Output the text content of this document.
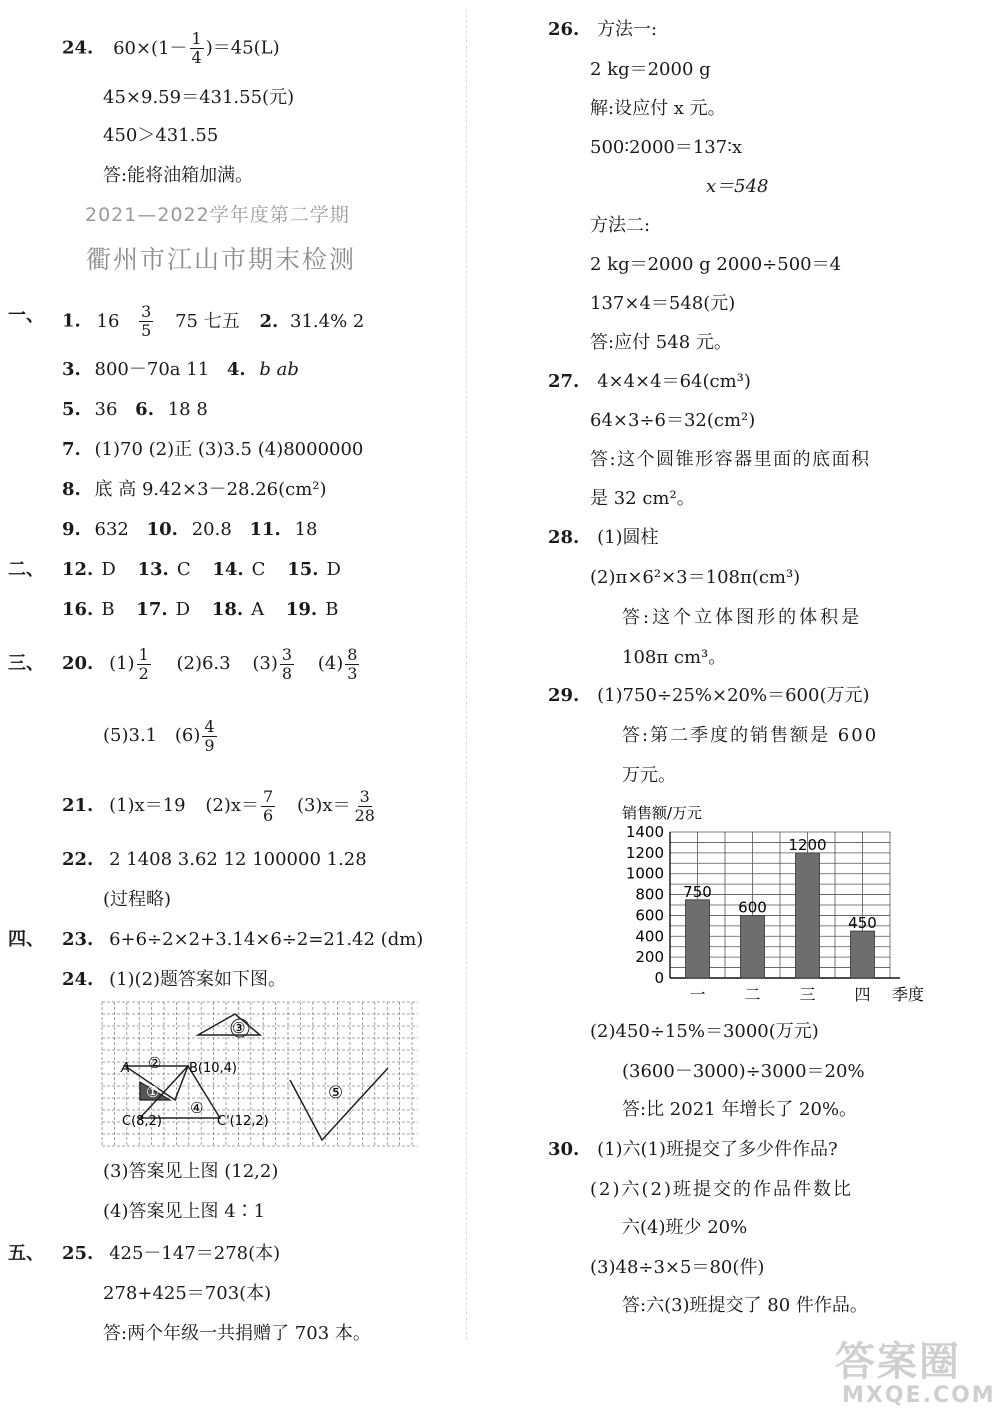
24. $60\times(1- \frac{1}{4} )=45(L)$
45×9.59＝431.55(元)
450＞431.55
答:能将油箱加满。
2021—2022学年度第二学期
衢州市江山市期末检测
一、 1. $16 \frac{3}{5} 75$ 七五 2. 31.4% 2
3. 800－70a 11 4. b ab
5. 36 6. 18 8
7. (1)70 (2)正 (3)3.5 (4)8000000
8. 底 高 9.42×3－28.26(cm²)
9. 632 10. 20.8 11. 18
二、 12. D 13. C 14. C 15. D
16. B 17. D 18. A 19. B
三、 20. $(1) \frac{1}{2} (2)6.3$ $(3) \frac{3}{8} (4) \frac{8}{3}$
(5)3.1 $(6) \frac{4}{9}$
21. (1)x＝19 $(2)x= \frac{7}{6} (3)x= \frac{3}{28}$
22. 2 1408 3.62 12 100000 1.28
(过程略)
四、 23. 6+6÷2×2+3.14×6÷2=21.42 (dm)
24. (1)(2)题答案如下图。
A	B(10,4)
C(8,2)	C'(12,2)
①
②
③
④
⑤
(3)答案见上图 (12,2)
(4)答案见上图 4∶1
五、 25. 425－147＝278(本)
278+425＝703(本)
答:两个年级一共捐赠了 703 本。
26. 方法一:
2 kg＝2000 g
解:设应付 x 元。
500∶2000＝137∶x
x＝548
方法二:
2 kg＝2000 g 2000÷500＝4
137×4＝548(元)
答:应付 548 元。
27. 4×4×4＝64(cm³)
64×3÷6＝32(cm²)
答:这个圆锥形容器里面的底面积
是 32 cm²。
28. (1)圆柱
(2)π×6²×3＝108π(cm³)
答:这个立体图形的体积是
108π cm³。
29. (1)750÷25%×20%＝600(万元)
答:第二季度的销售额是 600
万元。
销售额/万元
0
200
400
600
800
1000
1200
1400
750
一
600
二
1200
三
450
四 季度
(2)450÷15%＝3000(万元)
(3600－3000)÷3000＝20%
答:比 2021 年增长了 20%。
30. (1)六(1)班提交了多少件作品?
(2)六(2)班提交的作品件数比
六(4)班少 20%
(3)48÷3×5＝80(件)
答:六(3)班提交了 80 件作品。
答案圈
MXQE.COM
